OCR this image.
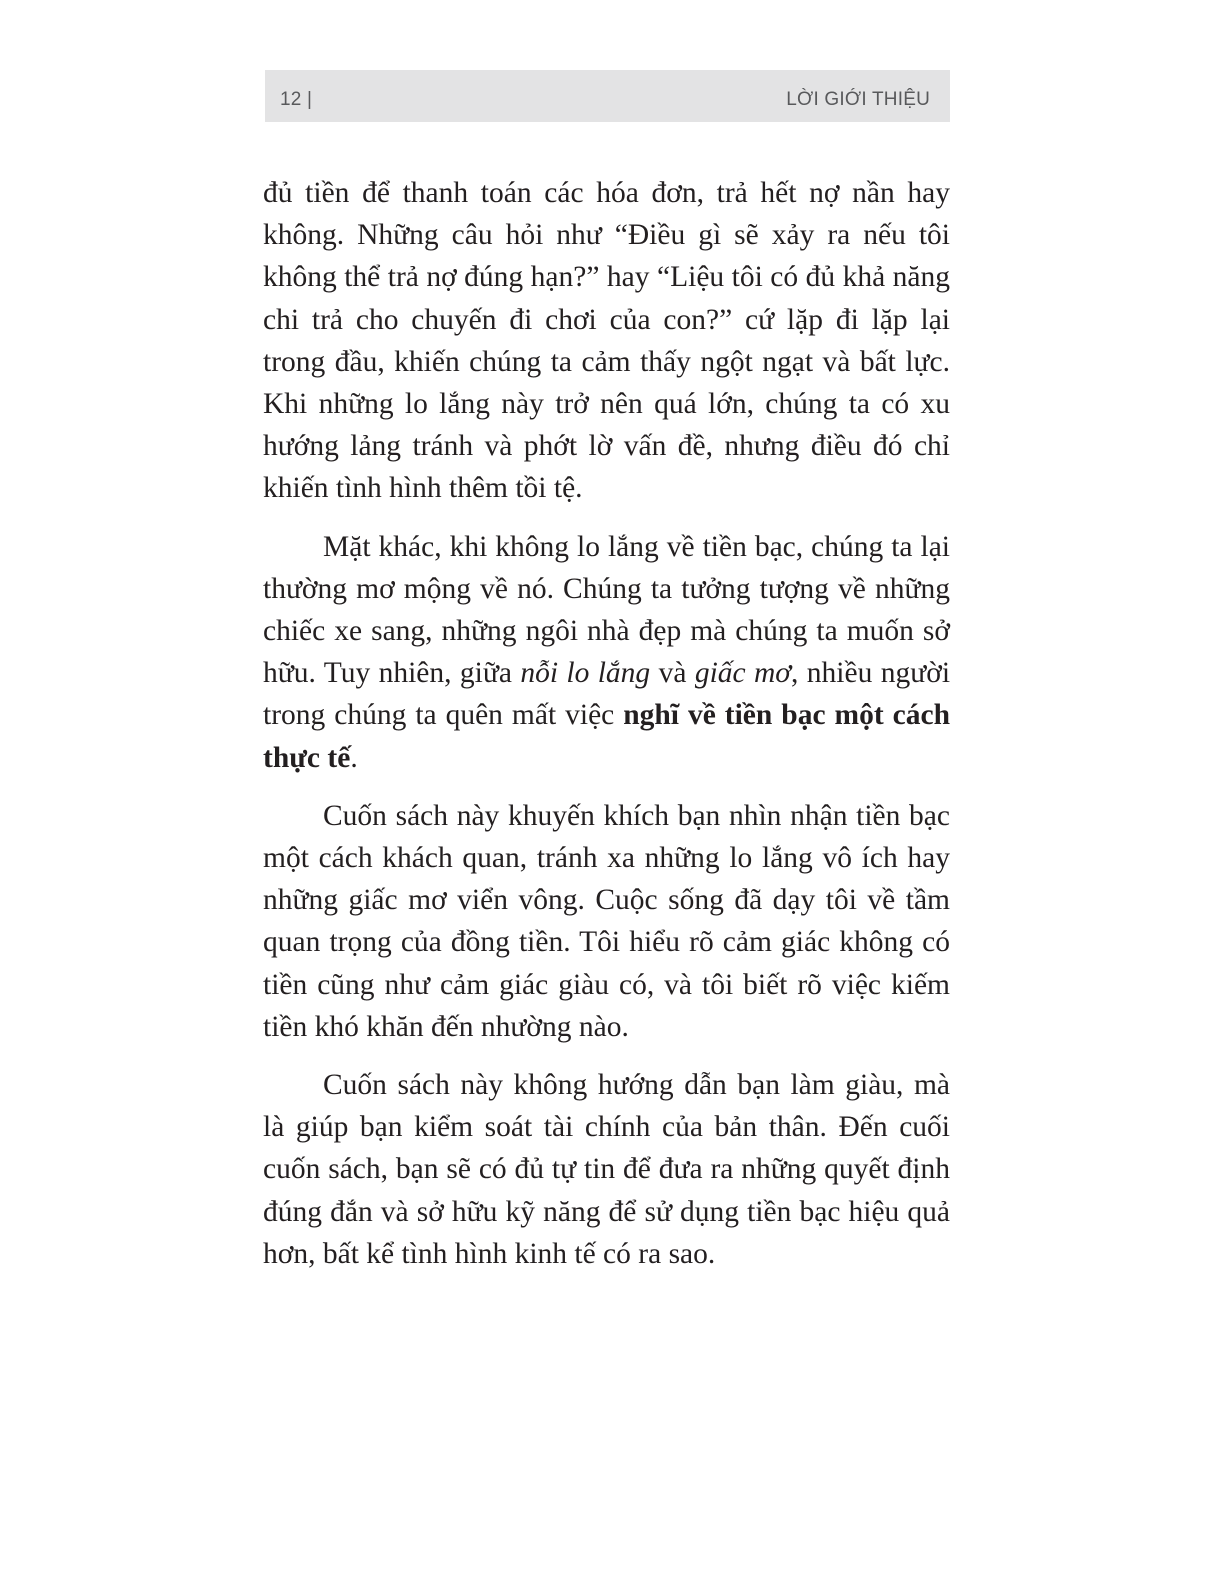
12 |	LỜI GIỚI THIỆU

đủ tiền để thanh toán các hóa đơn, trả hết nợ nần hay không. Những câu hỏi như “Điều gì sẽ xảy ra nếu tôi không thể trả nợ đúng hạn?” hay “Liệu tôi có đủ khả năng chi trả cho chuyến đi chơi của con?” cứ lặp đi lặp lại trong đầu, khiến chúng ta cảm thấy ngột ngạt và bất lực. Khi những lo lắng này trở nên quá lớn, chúng ta có xu hướng lảng tránh và phớt lờ vấn đề, nhưng điều đó chỉ khiến tình hình thêm tồi tệ.

Mặt khác, khi không lo lắng về tiền bạc, chúng ta lại thường mơ mộng về nó. Chúng ta tưởng tượng về những chiếc xe sang, những ngôi nhà đẹp mà chúng ta muốn sở hữu. Tuy nhiên, giữa nỗi lo lắng và giấc mơ, nhiều người trong chúng ta quên mất việc nghĩ về tiền bạc một cách thực tế.

Cuốn sách này khuyến khích bạn nhìn nhận tiền bạc một cách khách quan, tránh xa những lo lắng vô ích hay những giấc mơ viển vông. Cuộc sống đã dạy tôi về tầm quan trọng của đồng tiền. Tôi hiểu rõ cảm giác không có tiền cũng như cảm giác giàu có, và tôi biết rõ việc kiếm tiền khó khăn đến nhường nào.

Cuốn sách này không hướng dẫn bạn làm giàu, mà là giúp bạn kiểm soát tài chính của bản thân. Đến cuối cuốn sách, bạn sẽ có đủ tự tin để đưa ra những quyết định đúng đắn và sở hữu kỹ năng để sử dụng tiền bạc hiệu quả hơn, bất kể tình hình kinh tế có ra sao.
